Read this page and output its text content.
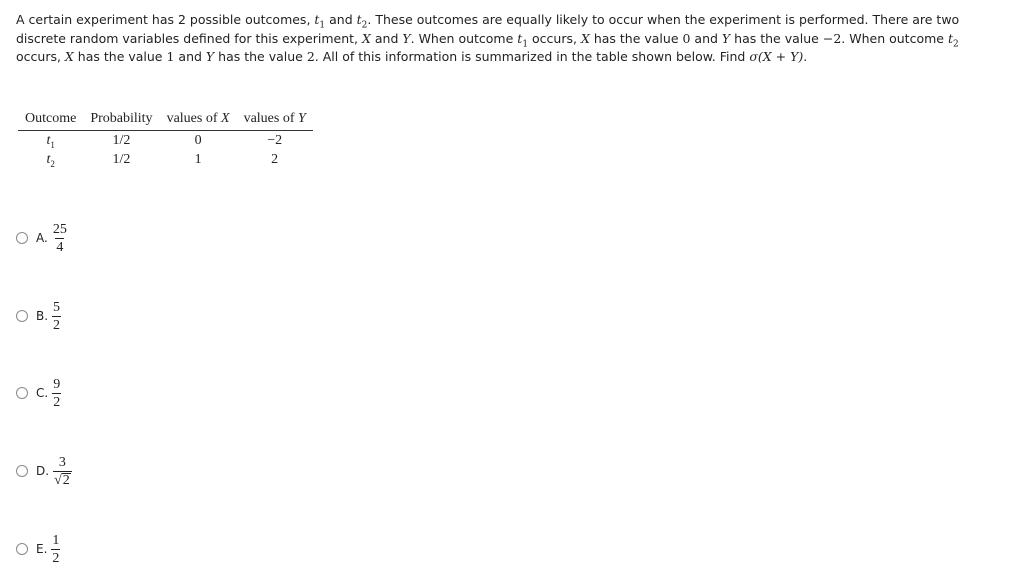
A certain experiment has 2 possible outcomes, $t_1$ and $t_2$. These outcomes are equally likely to occur when the experiment is performed. There are two discrete random variables defined for this experiment, X and Y. When outcome $t_1$ occurs, X has the value 0 and Y has the value −2. When outcome $t_2$ occurs, X has the value 1 and Y has the value 2. All of this information is summarized in the table shown below. Find σ(X + Y).
Outcome	Probability	values of X	values of Y
$t_1$	1/2	0	−2
$t_2$	1/2	1	2
A. $\frac{25}{4}$
B. $\frac{5}{2}$
C. $\frac{9}{2}$
D. $\frac{3}{√ 2}$
E. $\frac{1}{2}$
